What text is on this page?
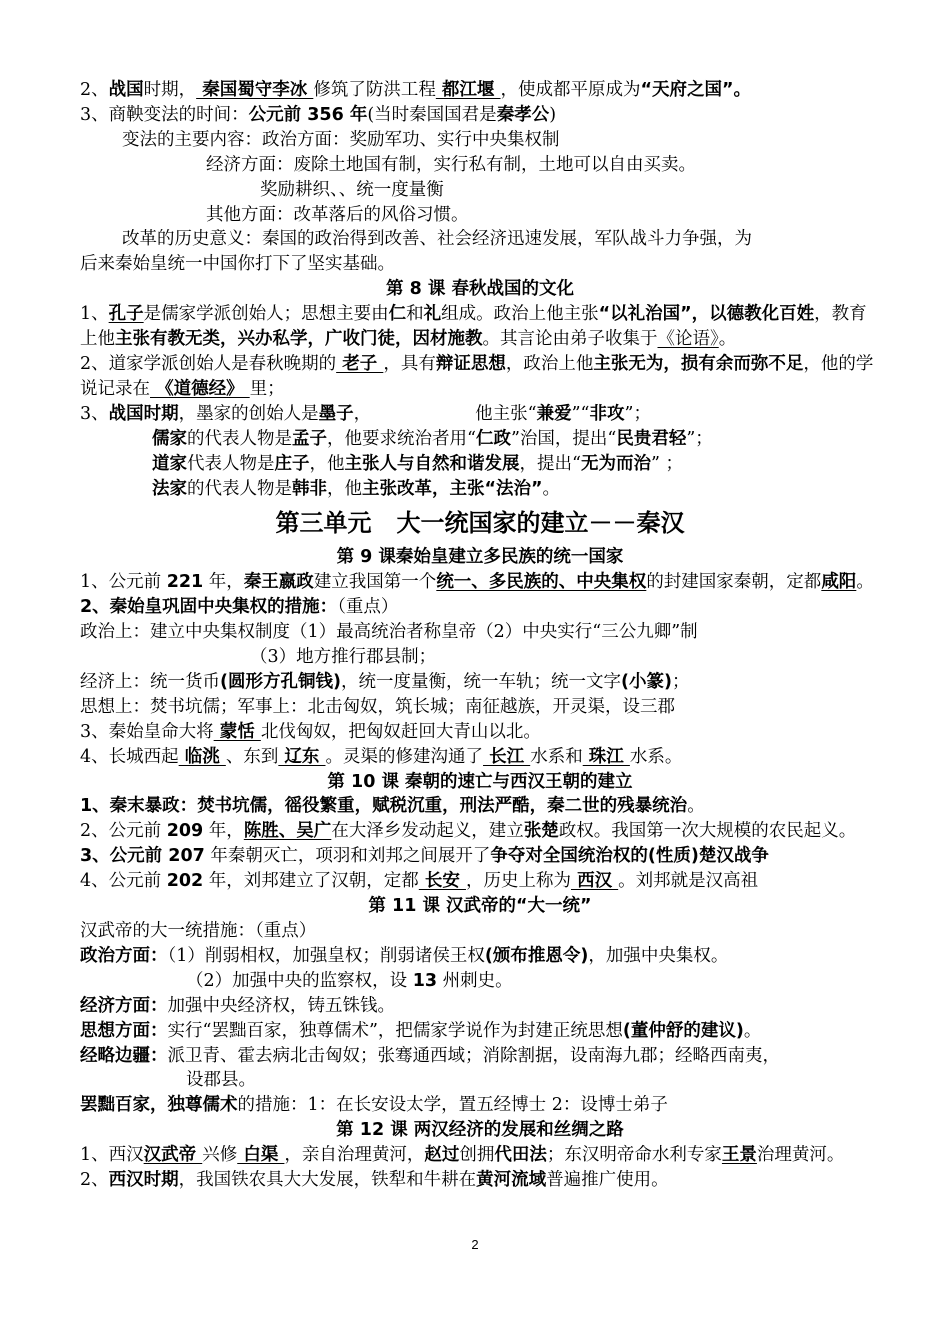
2、战国时期， 秦国蜀守李冰 修筑了防洪工程 都江堰 ，使成都平原成为“天府之国”。
3、商鞅变法的时间：公元前 356 年(当时秦国国君是秦孝公)
变法的主要内容：政治方面：奖励军功、实行中央集权制
经济方面：废除土地国有制，实行私有制，土地可以自由买卖。
奖励耕织、、统一度量衡
其他方面：改革落后的风俗习惯。
改革的历史意义：秦国的政治得到改善、社会经济迅速发展，军队战斗力争强，为
后来秦始皇统一中国你打下了坚实基础。
第 8 课 春秋战国的文化
1、孔子是儒家学派创始人；思想主要由仁和礼组成。政治上他主张“以礼治国”，以德教化百姓，教育上他主张有教无类，兴办私学，广收门徒，因材施教。其言论由弟子收集于《论语》。
2、道家学派创始人是春秋晚期的 老子 ，具有辩证思想，政治上他主张无为，损有余而弥不足，他的学说记录在 《道德经》 里；
3、战国时期，墨家的创始人是墨子，	他主张“兼爱”“非攻”；
儒家的代表人物是孟子，他要求统治者用“仁政”治国，提出“民贵君轻”；
道家代表人物是庄子，他主张人与自然和谐发展，提出“无为而治” ；
法家的代表人物是韩非，他主张改革，主张“法治”。
第三单元 大一统国家的建立－－秦汉
第 9 课秦始皇建立多民族的统一国家
1、公元前 221 年，秦王嬴政建立我国第一个统一、多民族的、中央集权的封建国家秦朝，定都咸阳。2、秦始皇巩固中央集权的措施：（重点）
政治上：建立中央集权制度（1）最高统治者称皇帝（2）中央实行“三公九卿”制
（3）地方推行郡县制；
经济上：统一货币(圆形方孔铜钱)，统一度量衡，统一车轨；统一文字(小篆)；
思想上：焚书坑儒；军事上：北击匈奴，筑长城；南征越族，开灵渠，设三郡
3、秦始皇命大将 蒙恬 北伐匈奴，把匈奴赶回大青山以北。
4、长城西起 临洮 、东到 辽东 。灵渠的修建沟通了 长江 水系和 珠江 水系。
第 10 课 秦朝的速亡与西汉王朝的建立
1、秦末暴政：焚书坑儒，徭役繁重，赋税沉重，刑法严酷，秦二世的残暴统治。
2、公元前 209 年，陈胜、吴广在大泽乡发动起义，建立张楚政权。我国第一次大规模的农民起义。
3、公元前 207 年秦朝灭亡，项羽和刘邦之间展开了争夺对全国统治权的(性质)楚汉战争
4、公元前 202 年，刘邦建立了汉朝，定都 长安 ，历史上称为 西汉 。刘邦就是汉高祖
第 11 课 汉武帝的“大一统”
汉武帝的大一统措施：（重点）
政治方面：（1）削弱相权，加强皇权；削弱诸侯王权(颁布推恩令)，加强中央集权。
（2）加强中央的监察权，设 13 州刺史。
经济方面：加强中央经济权，铸五铢钱。
思想方面：实行“罢黜百家，独尊儒术”，把儒家学说作为封建正统思想(董仲舒的建议)。
经略边疆：派卫青、霍去病北击匈奴；张骞通西域；消除割据，设南海九郡；经略西南夷，
设郡县。
罢黜百家，独尊儒术的措施：1：在长安设太学，置五经博士 2：设博士弟子
第 12 课 两汉经济的发展和丝绸之路
1、西汉汉武帝 兴修 白渠 ，亲自治理黄河，赵过创拥代田法；东汉明帝命水利专家王景治理黄河。
2、西汉时期，我国铁农具大大发展，铁犁和牛耕在黄河流域普遍推广使用。
2
